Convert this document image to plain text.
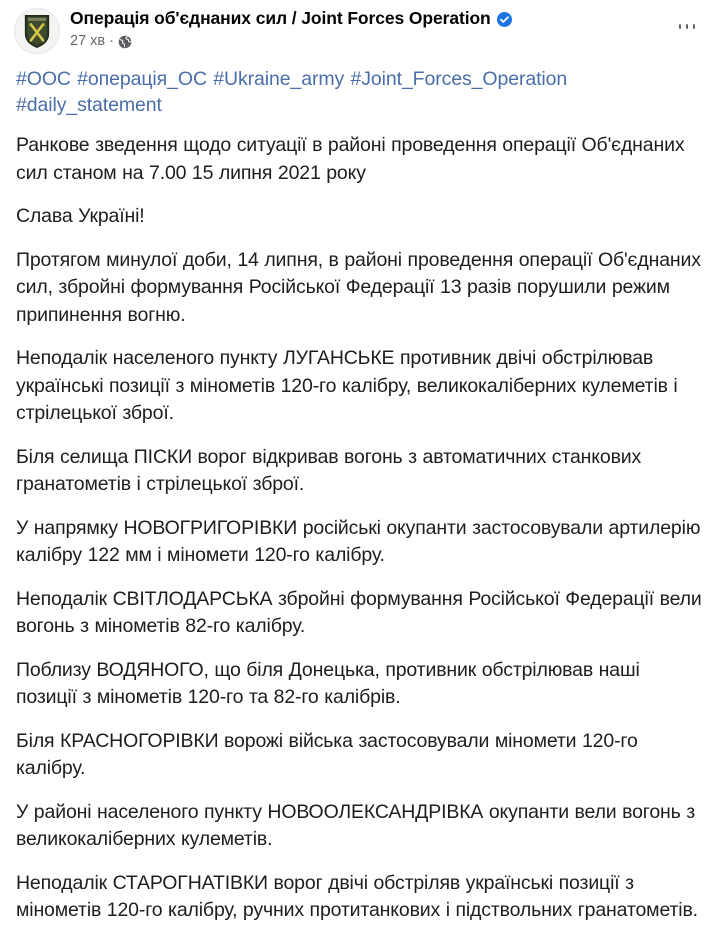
Операція об'єднаних сил / Joint Forces Operation
27 хв ·
#ООС #операція_ОС #Ukraine_army #Joint_Forces_Operation #daily_statement

Ранкове зведення щодо ситуації в районі проведення операції Об'єднаних сил станом на 7.00 15 липня 2021 року

Слава Україні!

Протягом минулої доби, 14 липня, в районі проведення операції Об'єднаних сил, збройні формування Російської Федерації 13 разів порушили режим припинення вогню.

Неподалік населеного пункту ЛУГАНСЬКЕ противник двічі обстрілював українські позиції з мінометів 120-го калібру, великокаліберних кулеметів і стрілецької зброї.

Біля селища ПІСКИ ворог відкривав вогонь з автоматичних станкових гранатометів і стрілецької зброї.

У напрямку НОВОГРИГОРІВКИ російські окупанти застосовували артилерію калібру 122 мм і міномети 120-го калібру.

Неподалік СВІТЛОДАРСЬКА збройні формування Російської Федерації вели вогонь з мінометів 82-го калібру.

Поблизу ВОДЯНОГО, що біля Донецька, противник обстрілював наші позиції з мінометів 120-го та 82-го калібрів.

Біля КРАСНОГОРІВКИ ворожі війська застосовували міномети 120-го калібру.

У районі населеного пункту НОВООЛЕКСАНДРІВКА окупанти вели вогонь з великокаліберних кулеметів.

Неподалік СТАРОГНАТІВКИ ворог двічі обстріляв українські позиції з мінометів 120-го калібру, ручних протитанкових і підствольних гранатометів.
